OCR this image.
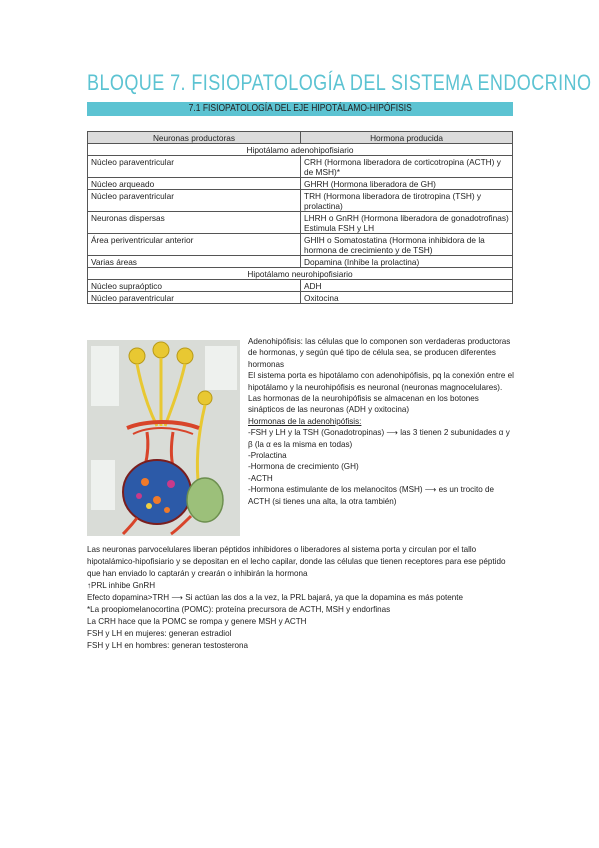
BLOQUE 7. FISIOPATOLOGÍA DEL SISTEMA ENDOCRINO
7.1 FISIOPATOLOGÍA DEL EJE HIPOTÁLAMO-HIPÓFISIS
Neuronas productoras	Hormona producida
Hipotálamo adenohipofisiario	
Núcleo paraventricular	CRH (Hormona liberadora de corticotropina (ACTH) y de MSH)*
Núcleo arqueado	GHRH (Hormona liberadora de GH)
Núcleo paraventricular	TRH (Hormona liberadora de tirotropina (TSH) y prolactina)
Neuronas dispersas	LHRH o GnRH (Hormona liberadora de gonadotrofinas) Estimula FSH y LH
Área periventricular anterior	GHIH o Somatostatina (Hormona inhibidora de la hormona de crecimiento y de TSH)
Varias áreas	Dopamina (Inhibe la prolactina)
Hipotálamo neurohipofisiario	
Núcleo supraóptico	ADH
Núcleo paraventricular	Oxitocina

Adenohipófisis: las células que lo componen son verdaderas productoras de hormonas, y según qué tipo de célula sea, se producen diferentes hormonas

El sistema porta es hipotálamo con adenohipófisis, pq la conexión entre el hipotálamo y la neurohipófisis es neuronal (neuronas magnocelulares). Las hormonas de la neurohipófisis se almacenan en los botones sinápticos de las neuronas (ADH y oxitocina)

Hormonas de la adenohipófisis:

-FSH y LH y la TSH (Gonadotropinas) ⟶ las 3 tienen 2 subunidades α y β (la α es la misma en todas)

-Prolactina

-Hormona de crecimiento (GH)

-ACTH

-Hormona estimulante de los melanocitos (MSH) ⟶ es un trocito de ACTH (si tienes una alta, la otra también)

Las neuronas parvocelulares liberan péptidos inhibidores o liberadores al sistema porta y circulan por el tallo hipotalámico-hipofisiario y se depositan en el lecho capilar, donde las células que tienen receptores para ese péptido que han enviado lo captarán y crearán o inhibirán la hormona

↑PRL inhibe GnRH

Efecto dopamina>TRH ⟶ Si actúan las dos a la vez, la PRL bajará, ya que la dopamina es más potente

*La proopiomelanocortina (POMC): proteína precursora de ACTH, MSH y endorfinas

La CRH hace que la POMC se rompa y genere MSH y ACTH

FSH y LH en mujeres: generan estradiol

FSH y LH en hombres: generan testosterona
